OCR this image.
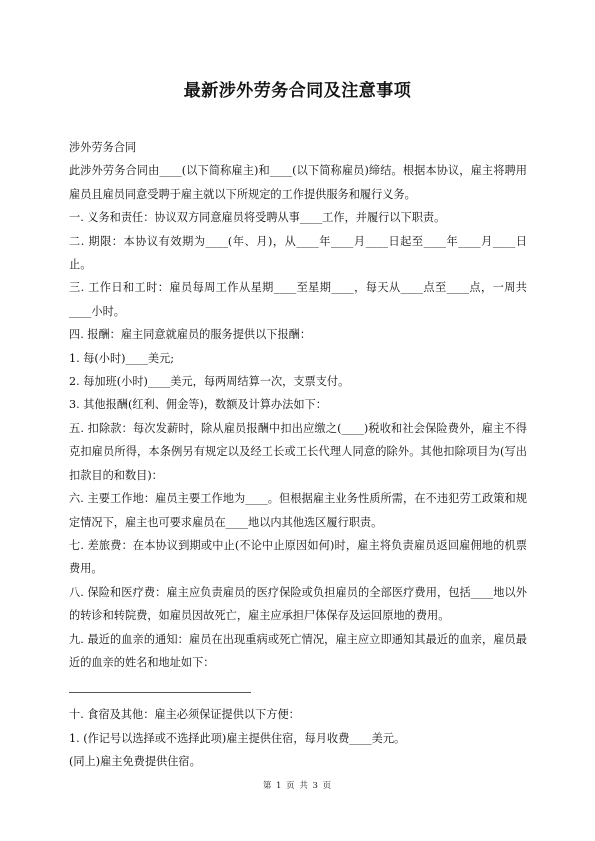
最新涉外劳务合同及注意事项

涉外劳务合同

此涉外劳务合同由____(以下简称雇主)和____(以下简称雇员)缔结。根据本协议，雇主将聘用雇员且雇员同意受聘于雇主就以下所规定的工作提供服务和履行义务。

一. 义务和责任：协议双方同意雇员将受聘从事____工作，并履行以下职责。

二. 期限：本协议有效期为____(年、月)，从____年____月____日起至____年____月____日止。

三. 工作日和工时：雇员每周工作从星期____至星期____，每天从____点至____点，一周共____小时。

四. 报酬：雇主同意就雇员的服务提供以下报酬：

1. 每(小时)____美元;

2. 每加班(小时)____美元，每两周结算一次，支票支付。

3. 其他报酬(红利、佣金等)，数额及计算办法如下：

五. 扣除款：每次发薪时，除从雇员报酬中扣出应缴之(____)税收和社会保险费外，雇主不得克扣雇员所得，本条例另有规定以及经工长或工长代理人同意的除外。其他扣除项目为(写出扣款目的和数目)：

六. 主要工作地：雇员主要工作地为____。但根据雇主业务性质所需，在不违犯劳工政策和规定情况下，雇主也可要求雇员在____地以内其他选区履行职责。

七. 差旅费：在本协议到期或中止(不论中止原因如何)时，雇主将负责雇员返回雇佣地的机票费用。

八. 保险和医疗费：雇主应负责雇员的医疗保险或负担雇员的全部医疗费用，包括____地以外的转诊和转院费，如雇员因故死亡，雇主应承担尸体保存及运回原地的费用。

九. 最近的血亲的通知：雇员在出现重病或死亡情况，雇主应立即通知其最近的血亲，雇员最近的血亲的姓名和地址如下：

十. 食宿及其他：雇主必须保证提供以下方便：

1. (作记号以选择或不选择此项)雇主提供住宿，每月收费____美元。

(同上)雇主免费提供住宿。

第 1 页 共 3 页
